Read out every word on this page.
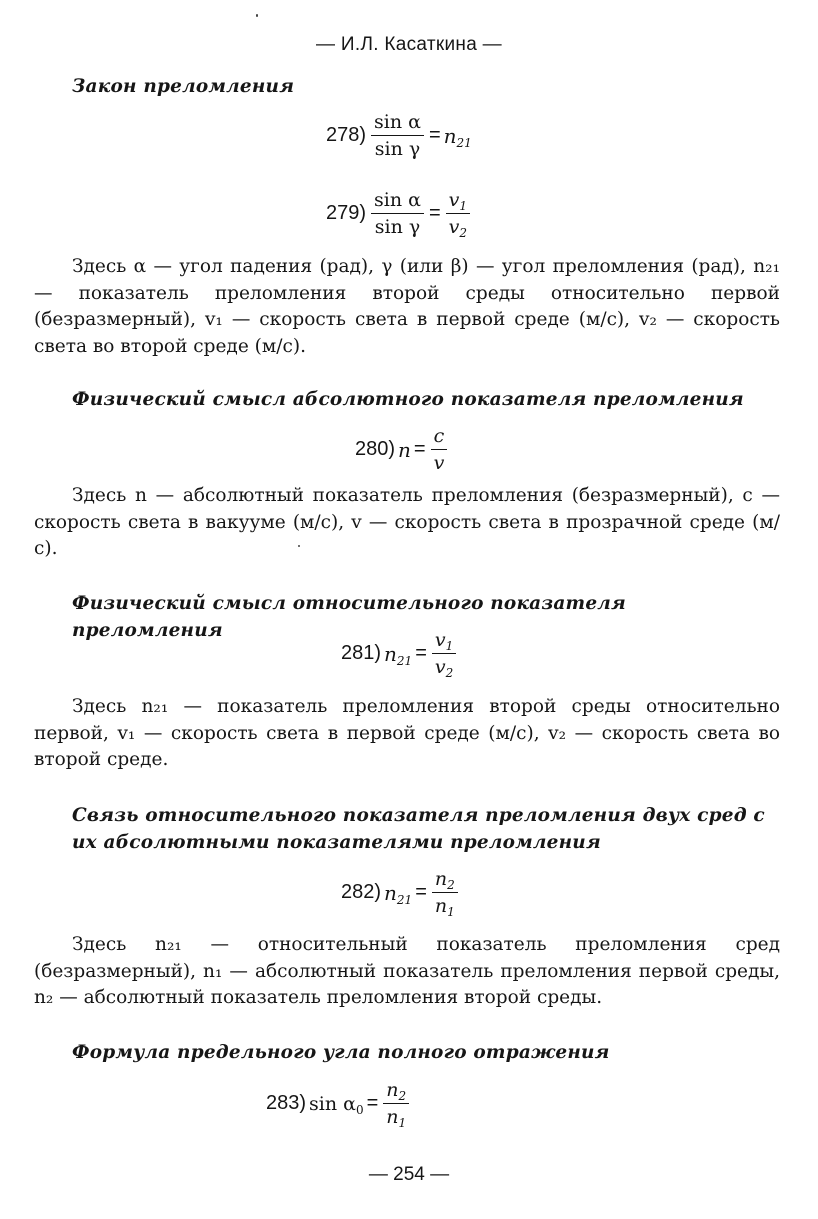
— И.Л. Касаткина —
Закон преломления
$278) \frac{\text{sin α}}{\text{sin γ}} = n_{21}$
$279) \frac{\text{sin α}}{\text{sin γ}} = \frac{v_1}{v_2}$
Здесь α — угол падения (рад), γ (или β) — угол преломления (рад), n₂₁ — показатель преломления второй среды относительно первой (безразмерный), v₁ — скорость света в первой среде (м/с), v₂ — скорость света во второй среде (м/с).
Физический смысл абсолютного показателя преломления
280) $n = \frac{c}{v}$
Здесь n — абсолютный показатель преломления (безразмерный), c — скорость света в вакууме (м/с), v — скорость света в прозрачной среде (м/с).
Физический смысл относительного показателя преломления
281) $n_{21} = \frac{v_1}{v_2}$
Здесь n₂₁ — показатель преломления второй среды относительно первой, v₁ — скорость света в первой среде (м/с), v₂ — скорость света во второй среде.
Связь относительного показателя преломления двух сред с их абсолютными показателями преломления
282) $n_{21} = \frac{n_2}{n_1}$
Здесь n₂₁ — относительный показатель преломления сред (безразмерный), n₁ — абсолютный показатель преломления первой среды, n₂ — абсолютный показатель преломления второй среды.
Формула предельного угла полного отражения
283) $\sin \alpha_0 = \frac{n_2}{n_1}$
— 254 —
